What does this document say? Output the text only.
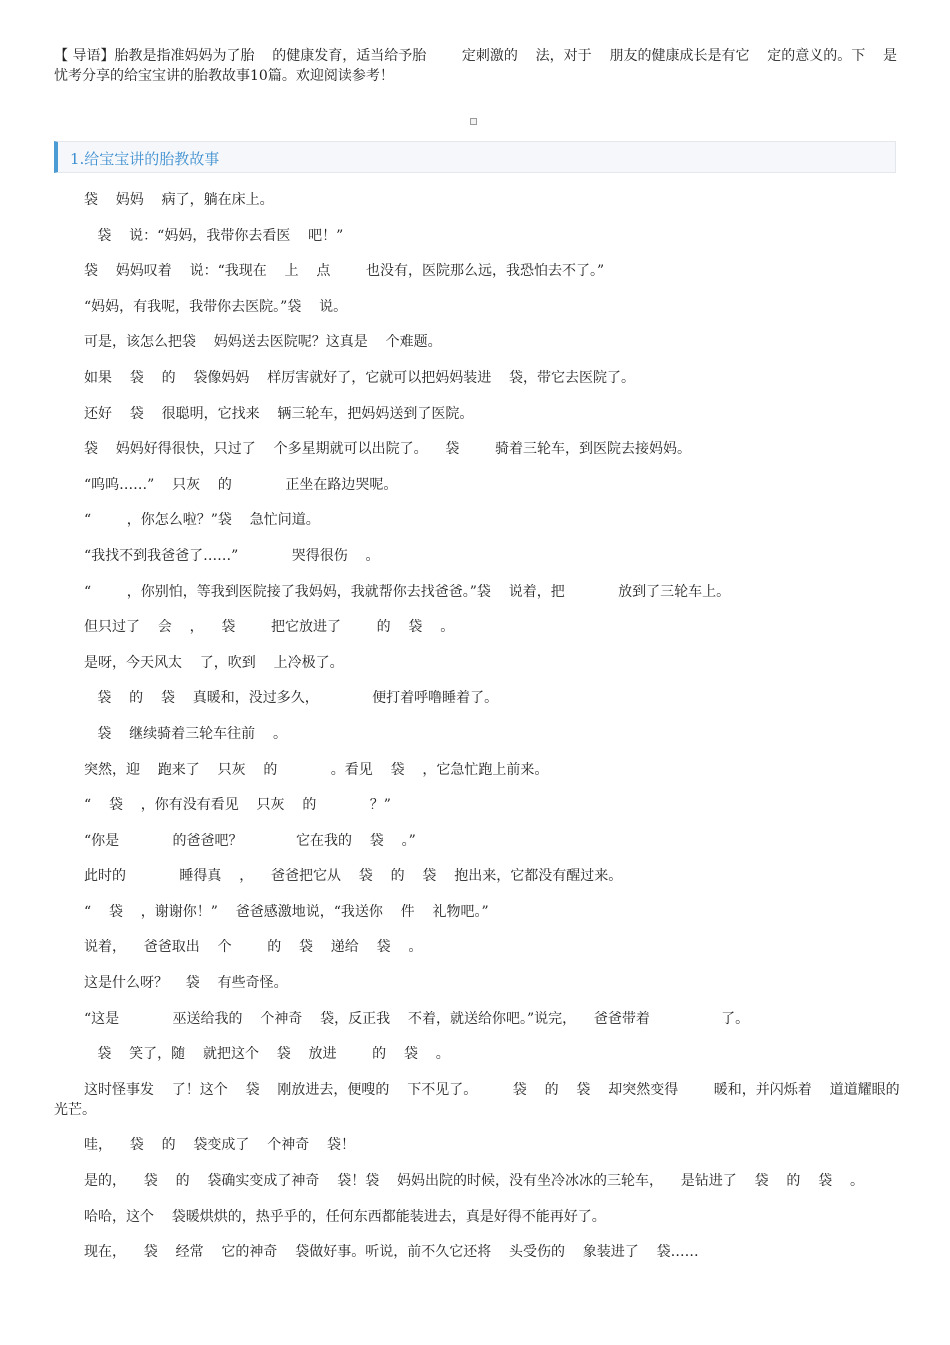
【 导语】胎教是指准妈妈为了胎    的健康发育，适当给予胎        定刺激的    法，对于    朋友的健康成长是有它    定的意义的。下    是    忧考分享的给宝宝讲的胎教故事10篇。欢迎阅读参考！
1.给宝宝讲的胎教故事

袋    妈妈    病了，躺在床上。

袋    说：“妈妈，我带你去看医    吧！”

袋    妈妈叹着    说：“我现在    上    点        也没有，医院那么远，我恐怕去不了。”

“妈妈，有我呢，我带你去医院。”袋    说。

可是，该怎么把袋    妈妈送去医院呢？这真是    个难题。

如果    袋    的    袋像妈妈    样厉害就好了，它就可以把妈妈装进    袋，带它去医院了。

还好    袋    很聪明，它找来    辆三轮车，把妈妈送到了医院。

袋    妈妈好得很快，只过了    个多星期就可以出院了。    袋        骑着三轮车，到医院去接妈妈。

“呜呜……”    只灰    的            正坐在路边哭呢。

“        ，你怎么啦？”袋    急忙问道。

“我找不到我爸爸了……”            哭得很伤    。

“        ，你别怕，等我到医院接了我妈妈，我就帮你去找爸爸。”袋    说着，把            放到了三轮车上。

但只过了    会    ，    袋        把它放进了        的    袋    。

是呀，今天风太    了，吹到    上冷极了。

袋    的    袋    真暖和，没过多久，            便打着呼噜睡着了。

袋    继续骑着三轮车往前    。

突然，迎    跑来了    只灰    的            。看见    袋    ，它急忙跑上前来。

“    袋    ，你有没有看见    只灰    的            ？”

“你是            的爸爸吧？            它在我的    袋    。”

此时的            睡得真    ，    爸爸把它从    袋    的    袋    抱出来，它都没有醒过来。

“    袋    ，谢谢你！”    爸爸感激地说，“我送你    件    礼物吧。”

说着，    爸爸取出    个        的    袋    递给    袋    。

这是什么呀？    袋    有些奇怪。

“这是            巫送给我的    个神奇    袋，反正我    不着，就送给你吧。”说完，    爸爸带着                了。

袋    笑了，随    就把这个    袋    放进        的    袋    。

这时怪事发    了！这个    袋    刚放进去，便嗖的    下不见了。        袋    的    袋    却突然变得        暖和，并闪烁着    道道耀眼的光芒。

哇，    袋    的    袋变成了    个神奇    袋！

是的，    袋    的    袋确实变成了神奇    袋！袋    妈妈出院的时候，没有坐冷冰冰的三轮车，    是钻进了    袋    的    袋    。

哈哈，这个    袋暖烘烘的，热乎乎的，任何东西都能装进去，真是好得不能再好了。

现在，    袋    经常    它的神奇    袋做好事。听说，前不久它还将    头受伤的    象装进了    袋……
